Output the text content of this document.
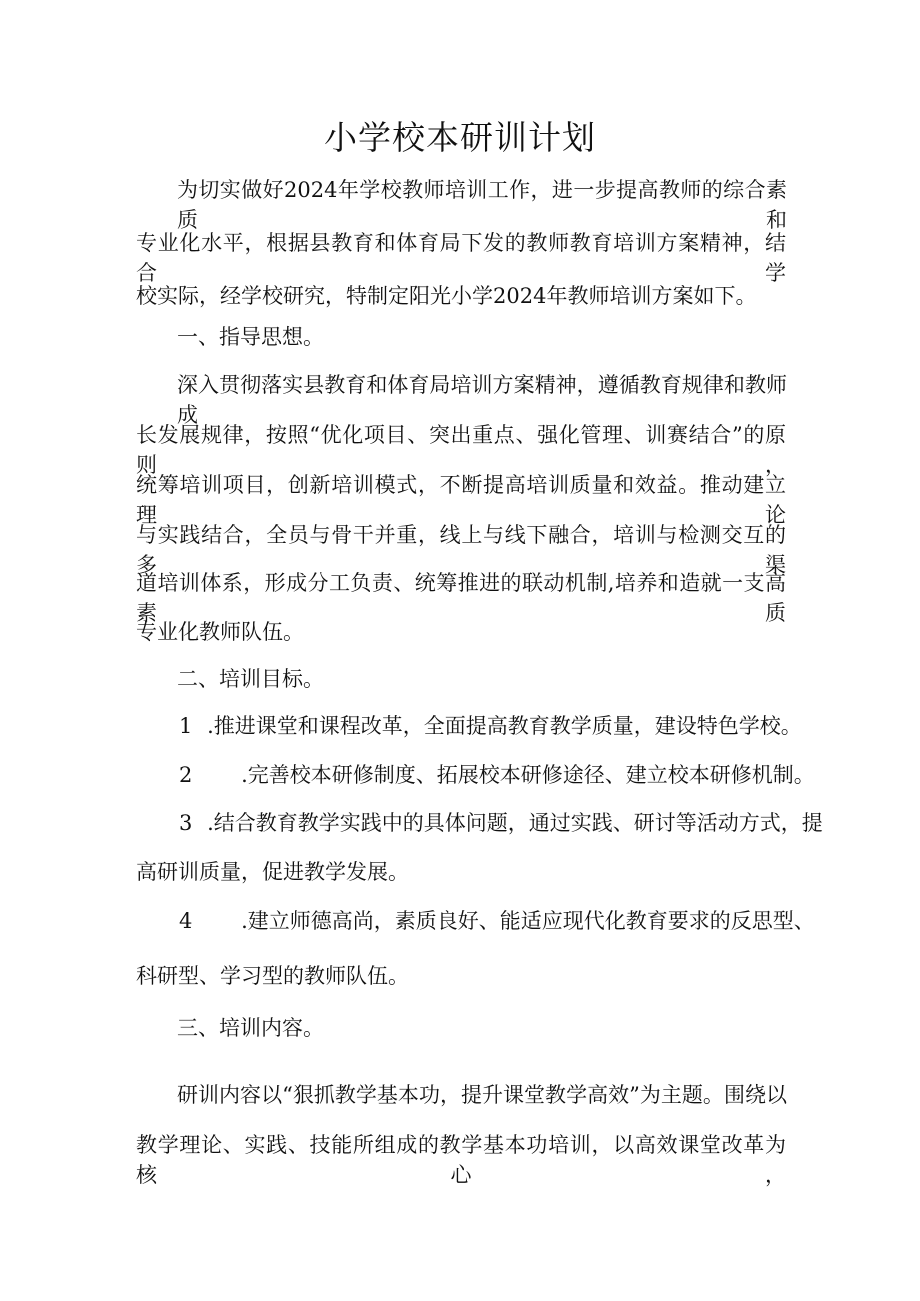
小学校本研训计划

为切实做好2024年学校教师培训工作，进一步提高教师的综合素质和

专业化水平，根据县教育和体育局下发的教师教育培训方案精神，结合学

校实际，经学校研究，特制定阳光小学2024年教师培训方案如下。

一、指导思想。

深入贯彻落实县教育和体育局培训方案精神，遵循教育规律和教师成

长发展规律，按照“优化项目、突出重点、强化管理、训赛结合”的原则，

统筹培训项目，创新培训模式，不断提高培训质量和效益。推动建立理论

与实践结合，全员与骨干并重，线上与线下融合，培训与检测交互的多渠

道培训体系，形成分工负责、统筹推进的联动机制,培养和造就一支高素质

专业化教师队伍。

二、培训目标。

1 .推进课堂和课程改革，全面提高教育教学质量，建设特色学校。

2 .完善校本研修制度、拓展校本研修途径、建立校本研修机制。

3 .结合教育教学实践中的具体问题，通过实践、研讨等活动方式，提

高研训质量，促进教学发展。

4 .建立师德高尚，素质良好、能适应现代化教育要求的反思型、

科研型、学习型的教师队伍。

三、培训内容。

研训内容以“狠抓教学基本功，提升课堂教学高效”为主题。围绕以

教学理论、实践、技能所组成的教学基本功培训，以高效课堂改革为核心，
